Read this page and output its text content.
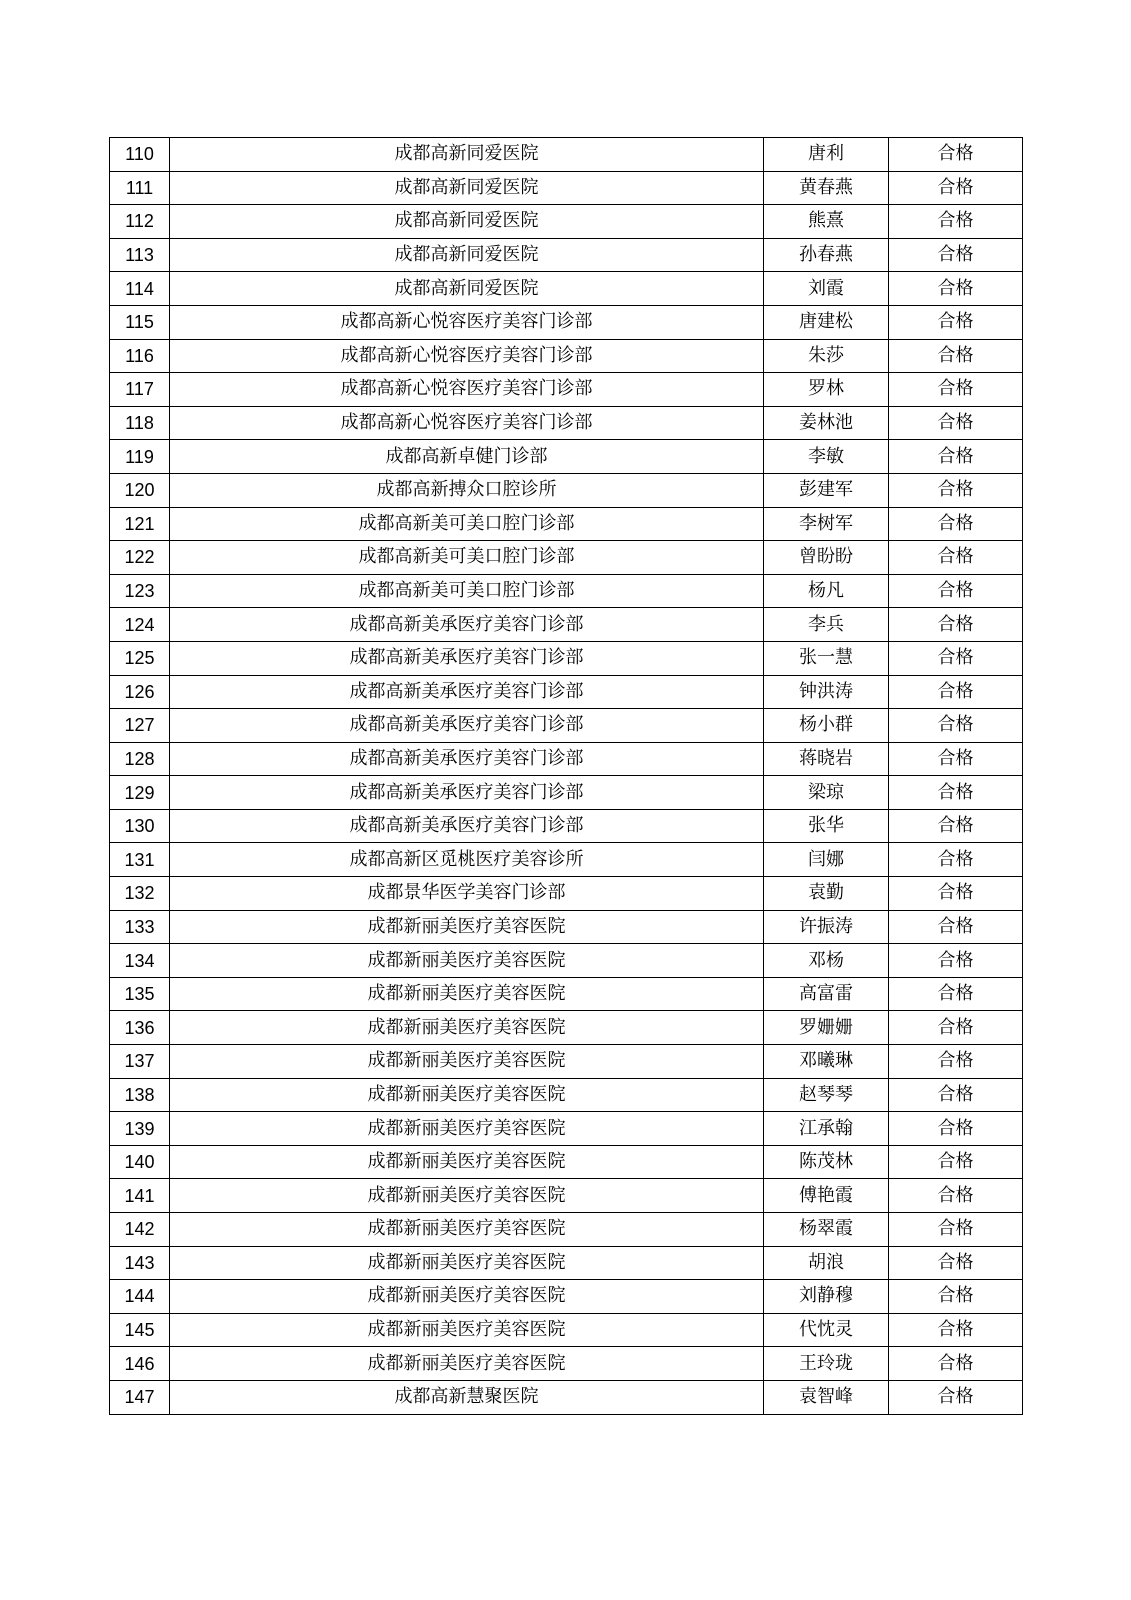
110	成都高新同爱医院	唐利	合格
111	成都高新同爱医院	黄春燕	合格
112	成都高新同爱医院	熊熹	合格
113	成都高新同爱医院	孙春燕	合格
114	成都高新同爱医院	刘霞	合格
115	成都高新心悦容医疗美容门诊部	唐建松	合格
116	成都高新心悦容医疗美容门诊部	朱莎	合格
117	成都高新心悦容医疗美容门诊部	罗林	合格
118	成都高新心悦容医疗美容门诊部	姜林池	合格
119	成都高新卓健门诊部	李敏	合格
120	成都高新搏众口腔诊所	彭建军	合格
121	成都高新美可美口腔门诊部	李树军	合格
122	成都高新美可美口腔门诊部	曾盼盼	合格
123	成都高新美可美口腔门诊部	杨凡	合格
124	成都高新美承医疗美容门诊部	李兵	合格
125	成都高新美承医疗美容门诊部	张一慧	合格
126	成都高新美承医疗美容门诊部	钟洪涛	合格
127	成都高新美承医疗美容门诊部	杨小群	合格
128	成都高新美承医疗美容门诊部	蒋晓岩	合格
129	成都高新美承医疗美容门诊部	梁琼	合格
130	成都高新美承医疗美容门诊部	张华	合格
131	成都高新区觅桃医疗美容诊所	闫娜	合格
132	成都景华医学美容门诊部	袁勤	合格
133	成都新丽美医疗美容医院	许振涛	合格
134	成都新丽美医疗美容医院	邓杨	合格
135	成都新丽美医疗美容医院	高富雷	合格
136	成都新丽美医疗美容医院	罗姗姗	合格
137	成都新丽美医疗美容医院	邓曦琳	合格
138	成都新丽美医疗美容医院	赵琴琴	合格
139	成都新丽美医疗美容医院	江承翰	合格
140	成都新丽美医疗美容医院	陈茂林	合格
141	成都新丽美医疗美容医院	傅艳霞	合格
142	成都新丽美医疗美容医院	杨翠霞	合格
143	成都新丽美医疗美容医院	胡浪	合格
144	成都新丽美医疗美容医院	刘静穆	合格
145	成都新丽美医疗美容医院	代忱灵	合格
146	成都新丽美医疗美容医院	王玲珑	合格
147	成都高新慧聚医院	袁智峰	合格
